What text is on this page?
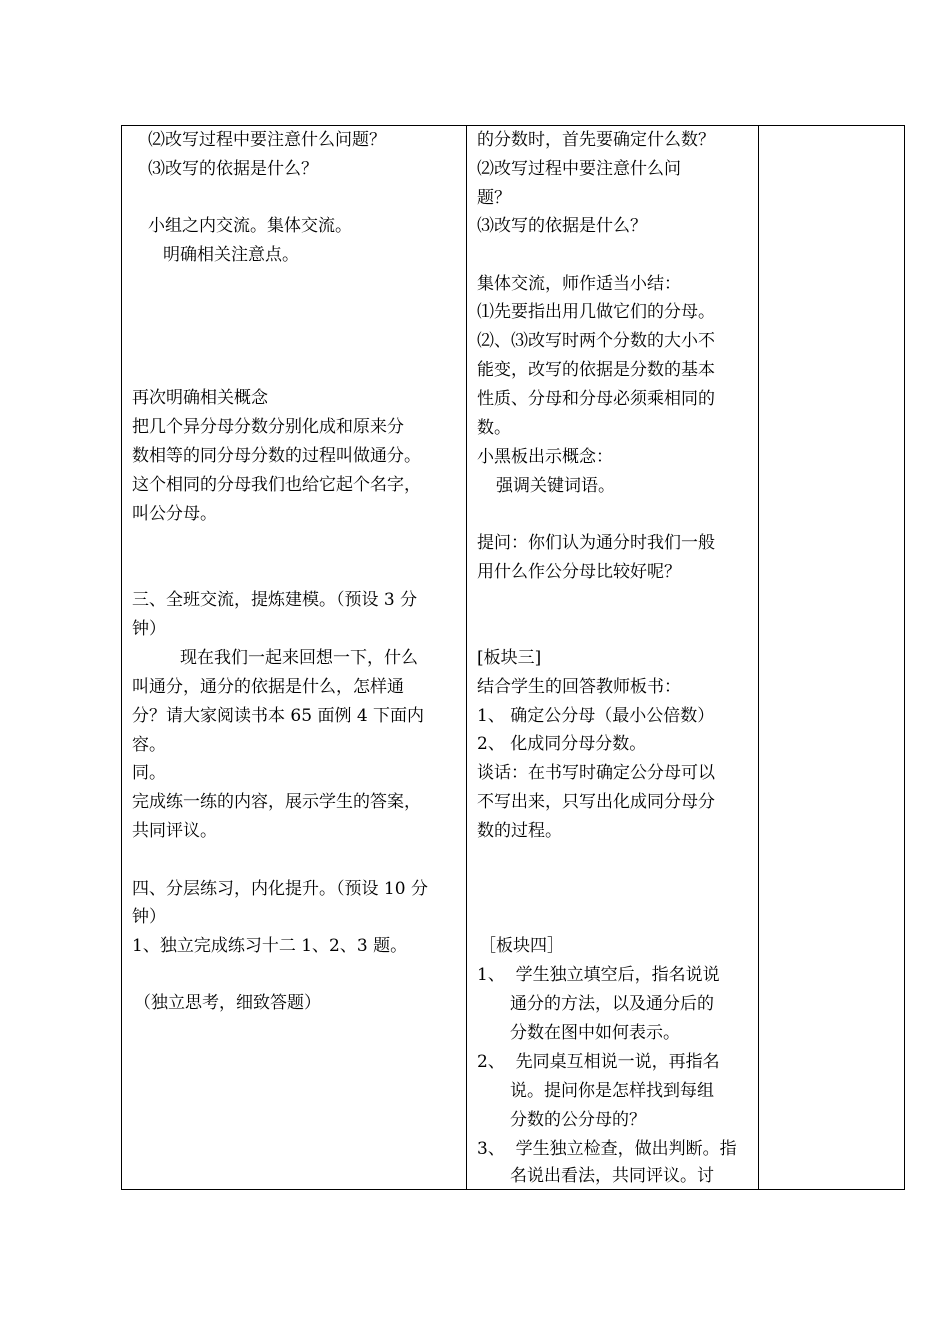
⑵改写过程中要注意什么问题？
⑶改写的依据是什么？
小组之内交流。集体交流。
明确相关注意点。
再次明确相关概念
把几个异分母分数分别化成和原来分
数相等的同分母分数的过程叫做通分。
这个相同的分母我们也给它起个名字，
叫公分母。
三、全班交流，提炼建模。（预设 3 分
钟）
现在我们一起来回想一下，什么
叫通分，通分的依据是什么，怎样通
分？请大家阅读书本 65 面例 4 下面内
容。
同。
完成练一练的内容，展示学生的答案，
共同评议。
四、分层练习，内化提升。（预设 10 分
钟）
1、独立完成练习十二 1、2、3 题。
（独立思考，细致答题）
的分数时，首先要确定什么数？
⑵改写过程中要注意什么问
题？
⑶改写的依据是什么？
集体交流，师作适当小结：
⑴先要指出用几做它们的分母。
⑵、⑶改写时两个分数的大小不
能变，改写的依据是分数的基本
性质、分母和分母必须乘相同的
数。
小黑板出示概念：
强调关键词语。
提问：你们认为通分时我们一般
用什么作公分母比较好呢？
[板块三]
结合学生的回答教师板书：
1、 确定公分母（最小公倍数）
2、 化成同分母分数。
谈话：在书写时确定公分母可以
不写出来，只写出化成同分母分
数的过程。
［板块四］
1、  学生独立填空后，指名说说
通分的方法，以及通分后的
分数在图中如何表示。
2、  先同桌互相说一说，再指名
说。提问你是怎样找到每组
分数的公分母的？
3、  学生独立检查，做出判断。指
名说出看法，共同评议。讨
